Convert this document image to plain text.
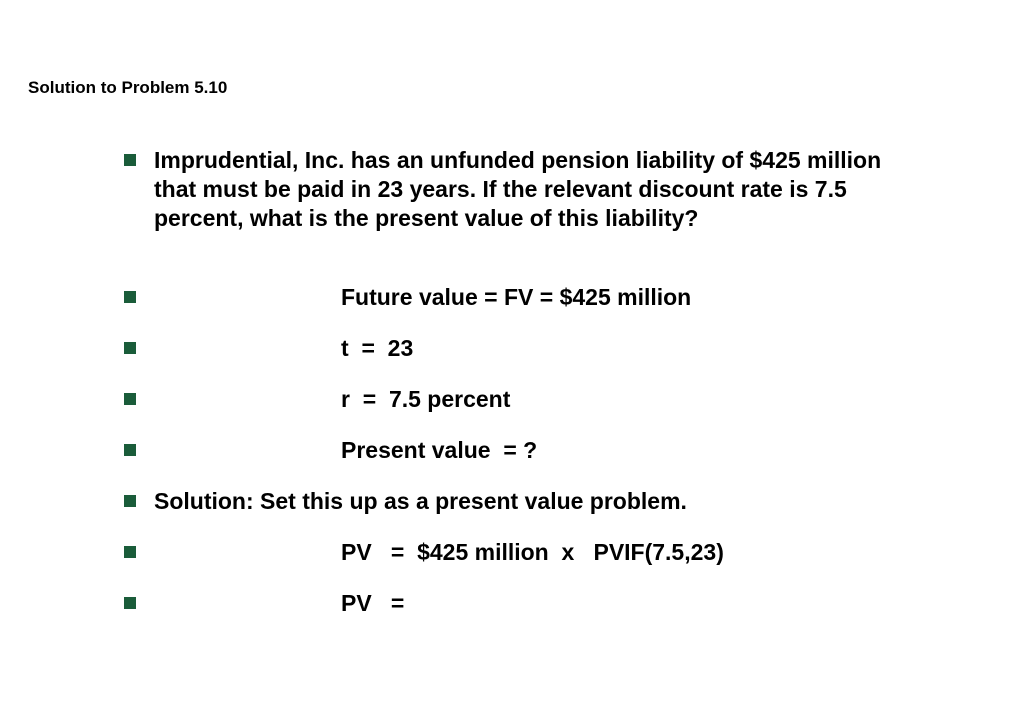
Solution to Problem 5.10
Imprudential, Inc. has an unfunded pension liability of $425 million that must be paid in 23 years. If the relevant discount rate is 7.5 percent, what is the present value of this liability?
Future value = FV = $425 million
t  =  23
r  =  7.5 percent
Present value  = ?
Solution: Set this up as a present value problem.
PV   =  $425 million  x   PVIF(7.5,23)
PV   =
